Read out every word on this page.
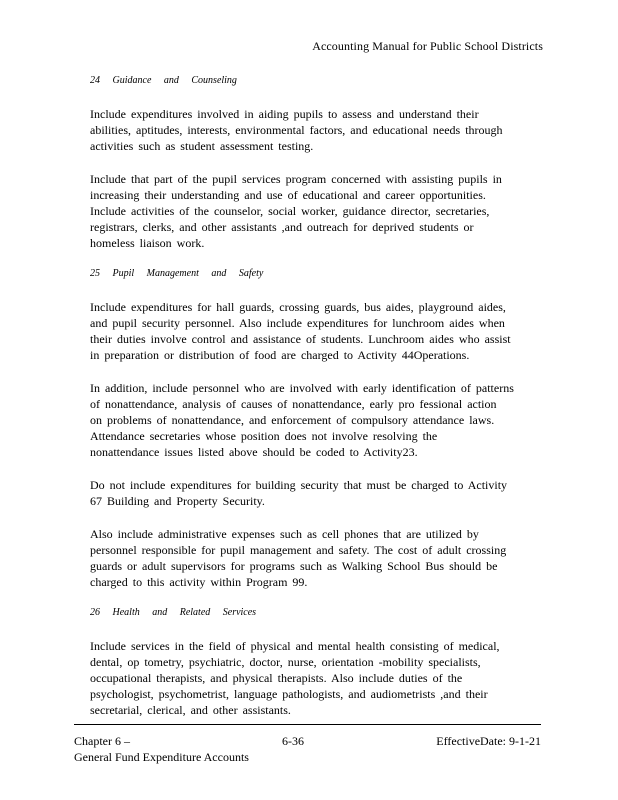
Accounting Manual for Public School Districts
24 Guidance and Counseling
Include expenditures involved in aiding pupils to assess and understand their
abilities, aptitudes, interests, environmental factors, and educational needs through
activities such as student assessment testing.
Include that part of the pupil services program concerned with assisting pupils in
increasing their understanding and use of educational and career opportunities.
Include activities of the counselor, social worker, guidance director, secretaries,
registrars, clerks, and other assistants ,and outreach for deprived students or
homeless liaison work.
25 Pupil Management and Safety
Include expenditures for hall guards, crossing guards, bus aides, playground aides,
and pupil security personnel. Also include expenditures for lunchroom aides when
their duties involve control and assistance of students. Lunchroom aides who assist
in preparation or distribution of food are charged to Activity 44Operations.
In addition, include personnel who are involved with early identification of patterns
of nonattendance, analysis of causes of nonattendance, early pro fessional action
on problems of nonattendance, and enforcement of compulsory attendance laws.
Attendance secretaries whose position does not involve resolving the
nonattendance issues listed above should be coded to Activity23.
Do not include expenditures for building security that must be charged to Activity
67 Building and Property Security.
Also include administrative expenses such as cell phones that are utilized by
personnel responsible for pupil management and safety. The cost of adult crossing
guards or adult supervisors for programs such as Walking School Bus should be
charged to this activity within Program 99.
26 Health and Related Services
Include services in the field of physical and mental health consisting of medical,
dental, op tometry, psychiatric, doctor, nurse, orientation -mobility specialists,
occupational therapists, and physical therapists. Also include duties of the
psychologist, psychometrist, language pathologists, and audiometrists ,and their
secretarial, clerical, and other assistants.
Chapter 6 –
General Fund Expenditure Accounts
6-36	EffectiveDate: 9-1-21
